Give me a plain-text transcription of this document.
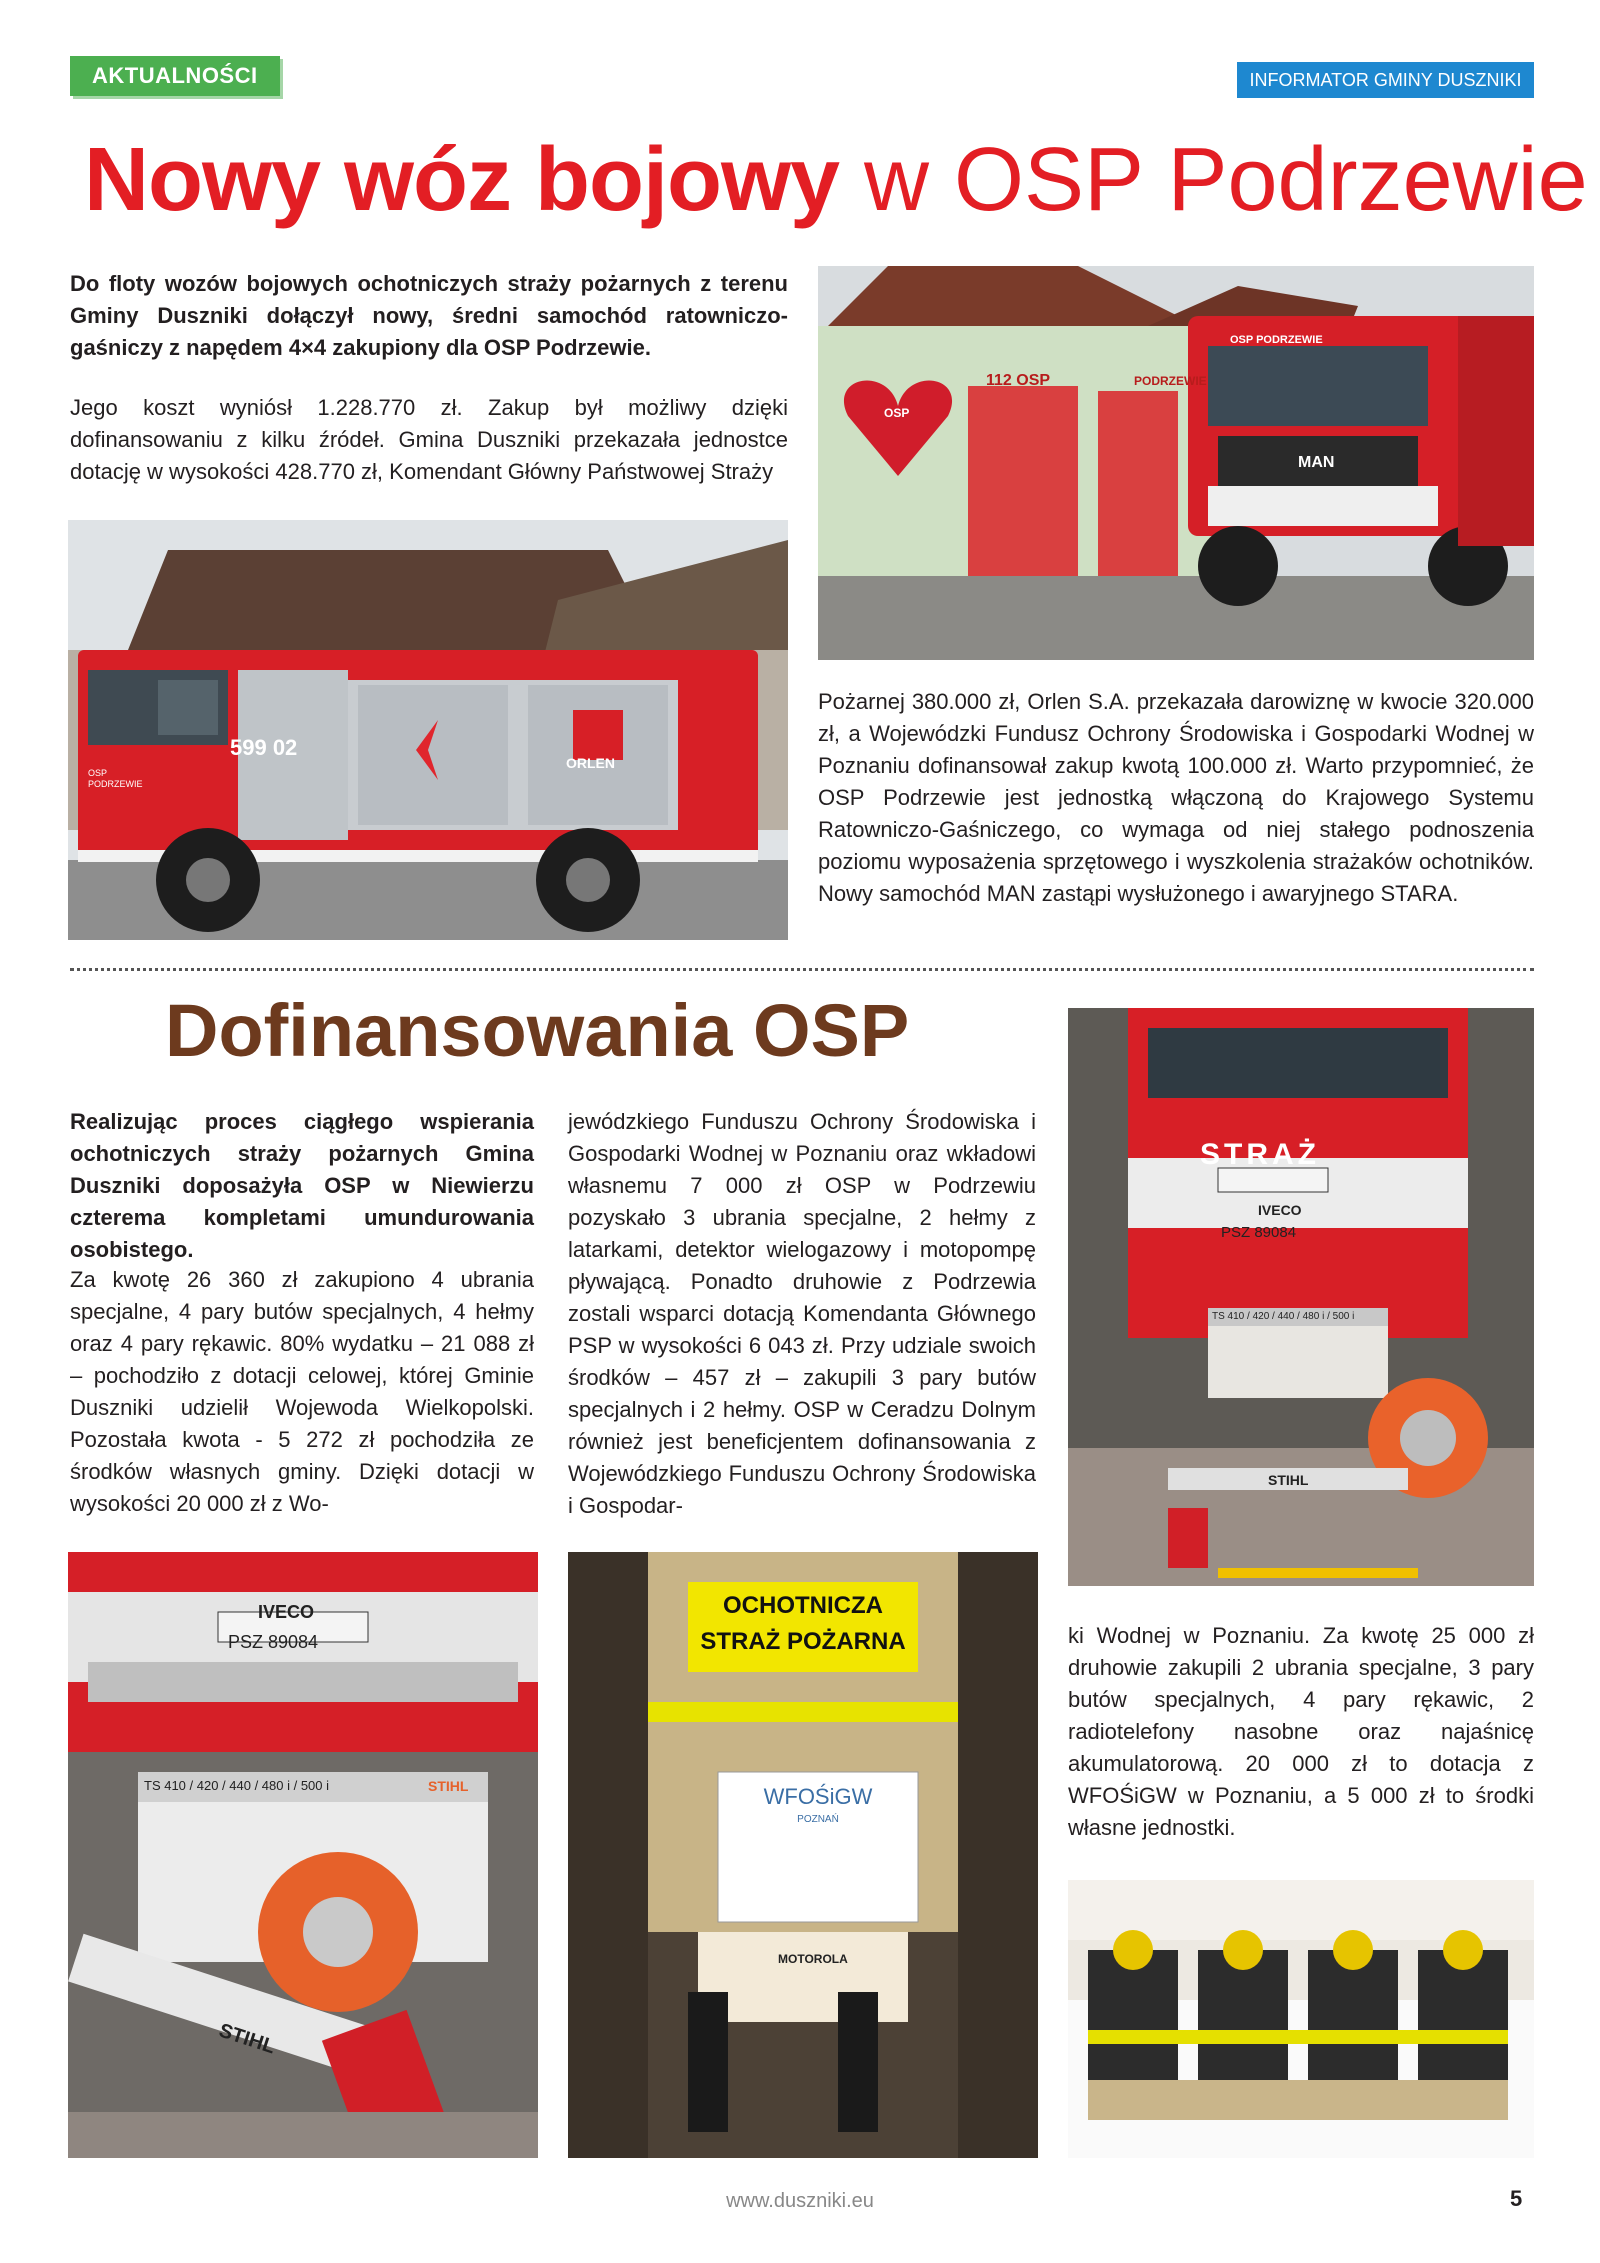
AKTUALNOŚCI	INFORMATOR GMINY DUSZNIKI
Nowy wóz bojowy w OSP Podrzewie
Do floty wozów bojowych ochotniczych straży pożarnych z terenu Gminy Duszniki dołączył nowy, średni samochód ratowniczo-gaśniczy z napędem 4×4 zakupiony dla OSP Podrzewie.
Jego koszt wyniósł 1.228.770 zł. Zakup był możliwy dzięki dofinansowaniu z kilku źródeł. Gmina Duszniki przekazała jednostce dotację w wysokości 428.770 zł, Komendant Główny Państwowej Straży
599 02
ORLEN
OSP PODRZEWIE
112 OSP	PODRZEWIE
OSP PODRZEWIE
MAN
OSP
Pożarnej 380.000 zł, Orlen S.A. przekazała darowiznę w kwocie 320.000 zł, a Wojewódzki Fundusz Ochrony Środowiska i Gospodarki Wodnej w Poznaniu dofinansował zakup kwotą 100.000 zł. Warto przypomnieć, że OSP Podrzewie jest jednostką włączoną do Krajowego Systemu Ratowniczo-Gaśniczego, co wymaga od niej stałego podnoszenia poziomu wyposażenia sprzętowego i wyszkolenia strażaków ochotników. Nowy samochód MAN zastąpi wysłużonego i awaryjnego STARA.
Dofinansowania OSP
Realizując proces ciągłego wspierania ochotniczych straży pożarnych Gmina Duszniki doposażyła OSP w Niewierzu czterema kompletami umundurowania osobistego.
Za kwotę 26 360 zł zakupiono 4 ubrania specjalne, 4 pary butów specjalnych, 4 hełmy oraz 4 pary rękawic. 80% wydatku – 21 088 zł – pochodziło z dotacji celowej, której Gminie Duszniki udzielił Wojewoda Wielkopolski. Pozostała kwota - 5 272 zł pochodziła ze środków własnych gminy. Dzięki dotacji w wysokości 20 000 zł z Wo-
jewódzkiego Funduszu Ochrony Środowiska i Gospodarki Wodnej w Poznaniu oraz wkładowi własnemu 7 000 zł OSP w Podrzewiu pozyskało 3 ubrania specjalne, 2 hełmy z latarkami, detektor wielogazowy i motopompę pływającą. Ponadto druhowie z Podrzewia zostali wsparci dotacją Komendanta Głównego PSP w wysokości 6 043 zł. Przy udziale swoich środków – 457 zł – zakupili 3 pary butów specjalnych i 2 hełmy. OSP w Ceradzu Dolnym również jest beneficjentem dofinansowania z Wojewódzkiego Funduszu Ochrony Środowiska i Gospodar-
STRAŻ
IVECO
PSZ 89084
TS 410 / 420 / 440 / 480 i / 500 i
STIHL
ki Wodnej w Poznaniu. Za kwotę 25 000 zł druhowie zakupili 2 ubrania specjalne, 3 pary butów specjalnych, 4 pary rękawic, 2 radiotelefony nasobne oraz najaśnicę akumulatorową. 20 000 zł to dotacja z WFOŚiGW w Poznaniu, a 5 000 zł to środki własne jednostki.
IVECO
PSZ 89084
TS 410 / 420 / 440 / 480 i / 500 i	STIHL
STIHL
OCHOTNICZA
STRAŻ POŻARNA
WFOŚiGW
POZNAŃ
MOTOROLA
www.duszniki.eu	5
